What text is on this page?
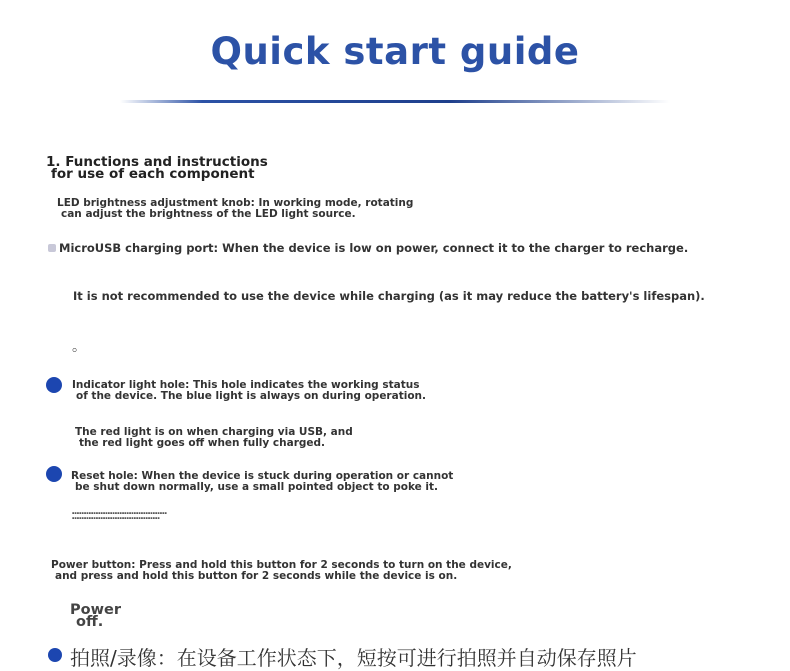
Quick start guide
1. Functions and instructions
for use of each component
LED brightness adjustment knob: In working mode, rotating
can adjust the brightness of the LED light source.
MicroUSB charging port: When the device is low on power, connect it to the charger to recharge.
It is not recommended to use the device while charging (as it may reduce the battery's lifespan).
。
Indicator light hole: This hole indicates the working status
of the device. The blue light is always on during operation.
The red light is on when charging via USB, and
the red light goes off when fully charged.
Reset hole: When the device is stuck during operation or cannot
be shut down normally, use a small pointed object to poke it.
▪▪▪▪▪▪▪▪▪▪▪▪▪▪▪▪▪▪▪▪▪▪▪▪▪▪▪▪▪▪▪▪▪▪▪▪▪▪▪▪
▪▪▪▪▪▪▪▪▪▪▪▪▪▪▪▪▪▪▪▪▪▪▪▪▪▪▪▪▪▪▪▪▪▪▪▪▪
Power button: Press and hold this button for 2 seconds to turn on the device,
and press and hold this button for 2 seconds while the device is on.
Power
off.
拍照/录像：在设备工作状态下，短按可进行拍照并自动保存照片
